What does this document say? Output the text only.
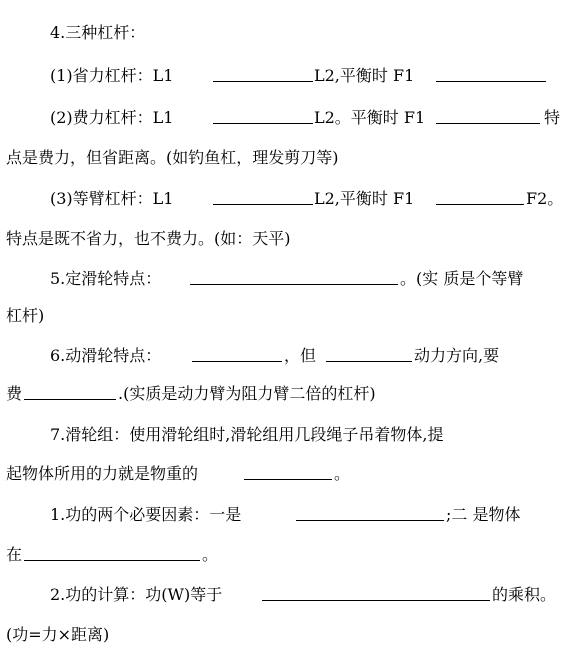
4.三种杠杆：
(1)省力杠杆：L1	L2,平衡时 F1
(2)费力杠杆：L1	L2。平衡时 F1	特
点是费力，但省距离。(如钓鱼杠，理发剪刀等)
(3)等臂杠杆：L1	L2,平衡时 F1	F2。
特点是既不省力，也不费力。(如：天平)
5.定滑轮特点：	。(实 质是个等臂
杠杆)
6.动滑轮特点：	，但	动力方向,要
费	.(实质是动力臂为阻力臂二倍的杠杆)
7.滑轮组：使用滑轮组时,滑轮组用几段绳子吊着物体,提
起物体所用的力就是物重的	。
1.功的两个必要因素：一是	;二 是物体
在	。
2.功的计算：功(W)等于	的乘积。
(功=力×距离)
